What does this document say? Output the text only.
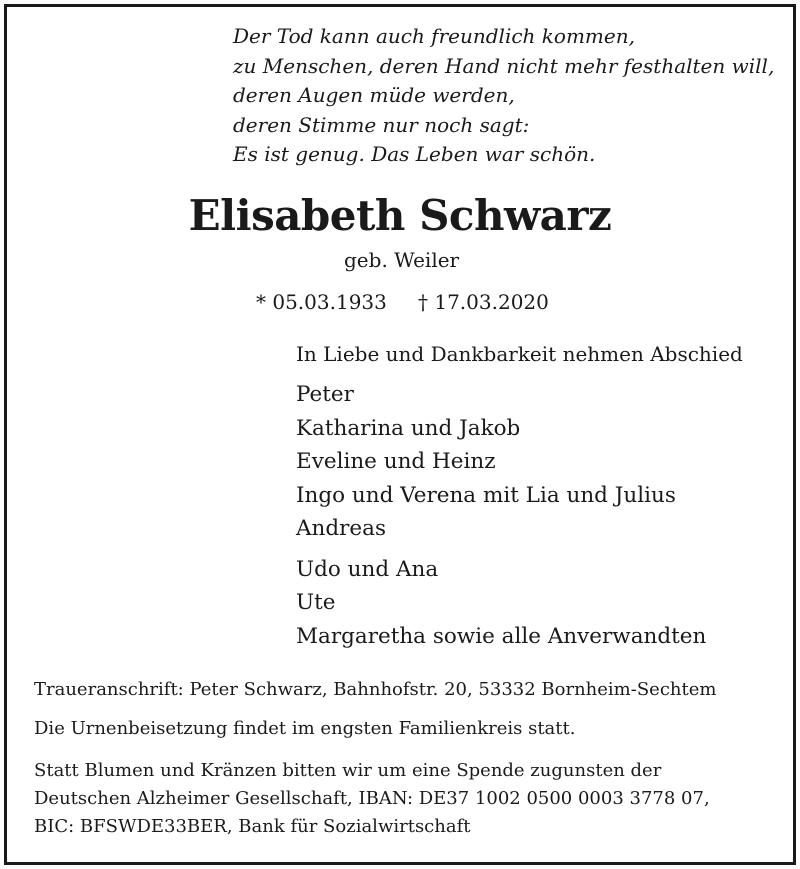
Der Tod kann auch freundlich kommen,
zu Menschen, deren Hand nicht mehr festhalten will,
deren Augen müde werden,
deren Stimme nur noch sagt:
Es ist genug. Das Leben war schön.
Elisabeth Schwarz
geb. Weiler
* 05.03.1933 † 17.03.2020
In Liebe und Dankbarkeit nehmen Abschied
Peter
Katharina und Jakob
Eveline und Heinz
Ingo und Verena mit Lia und Julius
Andreas
Udo und Ana
Ute
Margaretha sowie alle Anverwandten
Traueranschrift: Peter Schwarz, Bahnhofstr. 20, 53332 Bornheim-Sechtem
Die Urnenbeisetzung findet im engsten Familienkreis statt.
Statt Blumen und Kränzen bitten wir um eine Spende zugunsten der
Deutschen Alzheimer Gesellschaft, IBAN: DE37 1002 0500 0003 3778 07,
BIC: BFSWDE33BER, Bank für Sozialwirtschaft
